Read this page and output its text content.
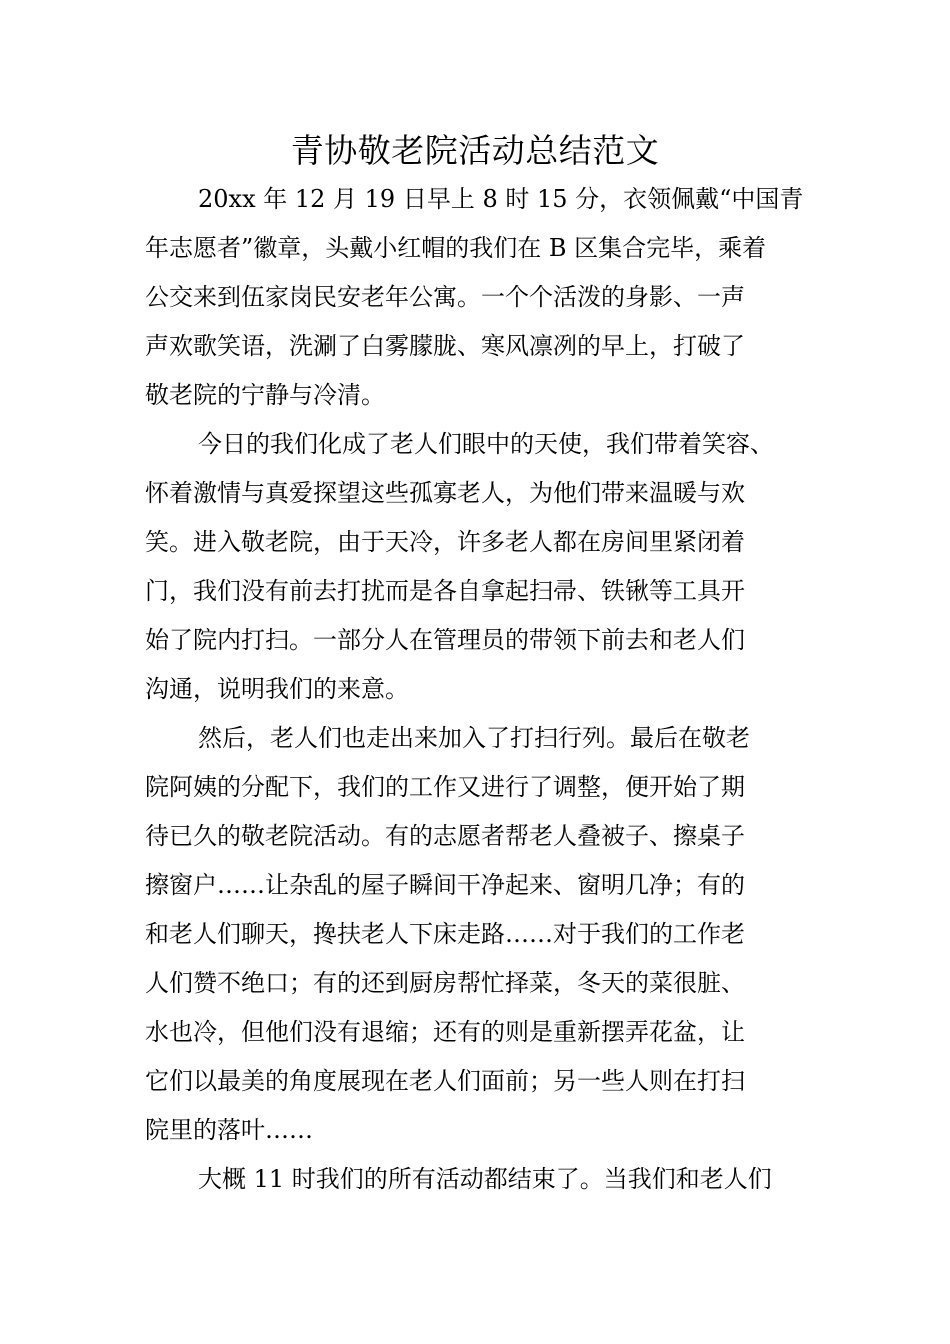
青协敬老院活动总结范文
20xx 年 12 月 19 日早上 8 时 15 分，衣领佩戴“中国青
年志愿者”徽章，头戴小红帽的我们在 B 区集合完毕，乘着
公交来到伍家岗民安老年公寓。一个个活泼的身影、一声
声欢歌笑语，洗涮了白雾朦胧、寒风凛冽的早上，打破了
敬老院的宁静与冷清。
今日的我们化成了老人们眼中的天使，我们带着笑容、
怀着激情与真爱探望这些孤寡老人，为他们带来温暖与欢
笑。进入敬老院，由于天冷，许多老人都在房间里紧闭着
门，我们没有前去打扰而是各自拿起扫帚、铁锹等工具开
始了院内打扫。一部分人在管理员的带领下前去和老人们
沟通，说明我们的来意。
然后，老人们也走出来加入了打扫行列。最后在敬老
院阿姨的分配下，我们的工作又进行了调整，便开始了期
待已久的敬老院活动。有的志愿者帮老人叠被子、擦桌子
擦窗户……让杂乱的屋子瞬间干净起来、窗明几净；有的
和老人们聊天，搀扶老人下床走路……对于我们的工作老
人们赞不绝口；有的还到厨房帮忙择菜，冬天的菜很脏、
水也冷，但他们没有退缩；还有的则是重新摆弄花盆，让
它们以最美的角度展现在老人们面前；另一些人则在打扫
院里的落叶……
大概 11 时我们的所有活动都结束了。当我们和老人们
